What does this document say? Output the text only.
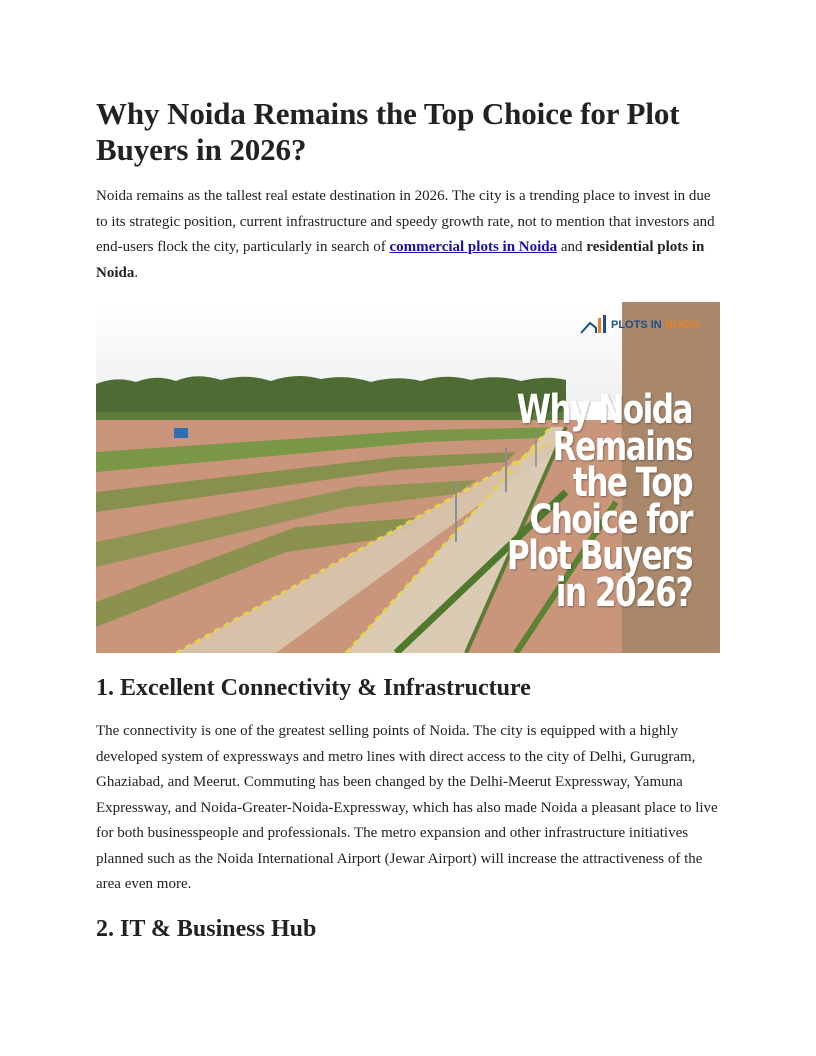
Why Noida Remains the Top Choice for Plot Buyers in 2026?

Noida remains as the tallest real estate destination in 2026. The city is a trending place to invest in due to its strategic position, current infrastructure and speedy growth rate, not to mention that investors and end-users flock the city, particularly in search of commercial plots in Noida and residential plots in Noida.

PLOTS IN NOIDA
Why Noida
Remains
the Top
Choice for
Plot Buyers
in 2026?
1. Excellent Connectivity & Infrastructure

The connectivity is one of the greatest selling points of Noida. The city is equipped with a highly developed system of expressways and metro lines with direct access to the city of Delhi, Gurugram, Ghaziabad, and Meerut. Commuting has been changed by the Delhi-Meerut Expressway, Yamuna Expressway, and Noida-Greater-Noida-Expressway, which has also made Noida a pleasant place to live for both businesspeople and professionals. The metro expansion and other infrastructure initiatives planned such as the Noida International Airport (Jewar Airport) will increase the attractiveness of the area even more.

2. IT & Business Hub
